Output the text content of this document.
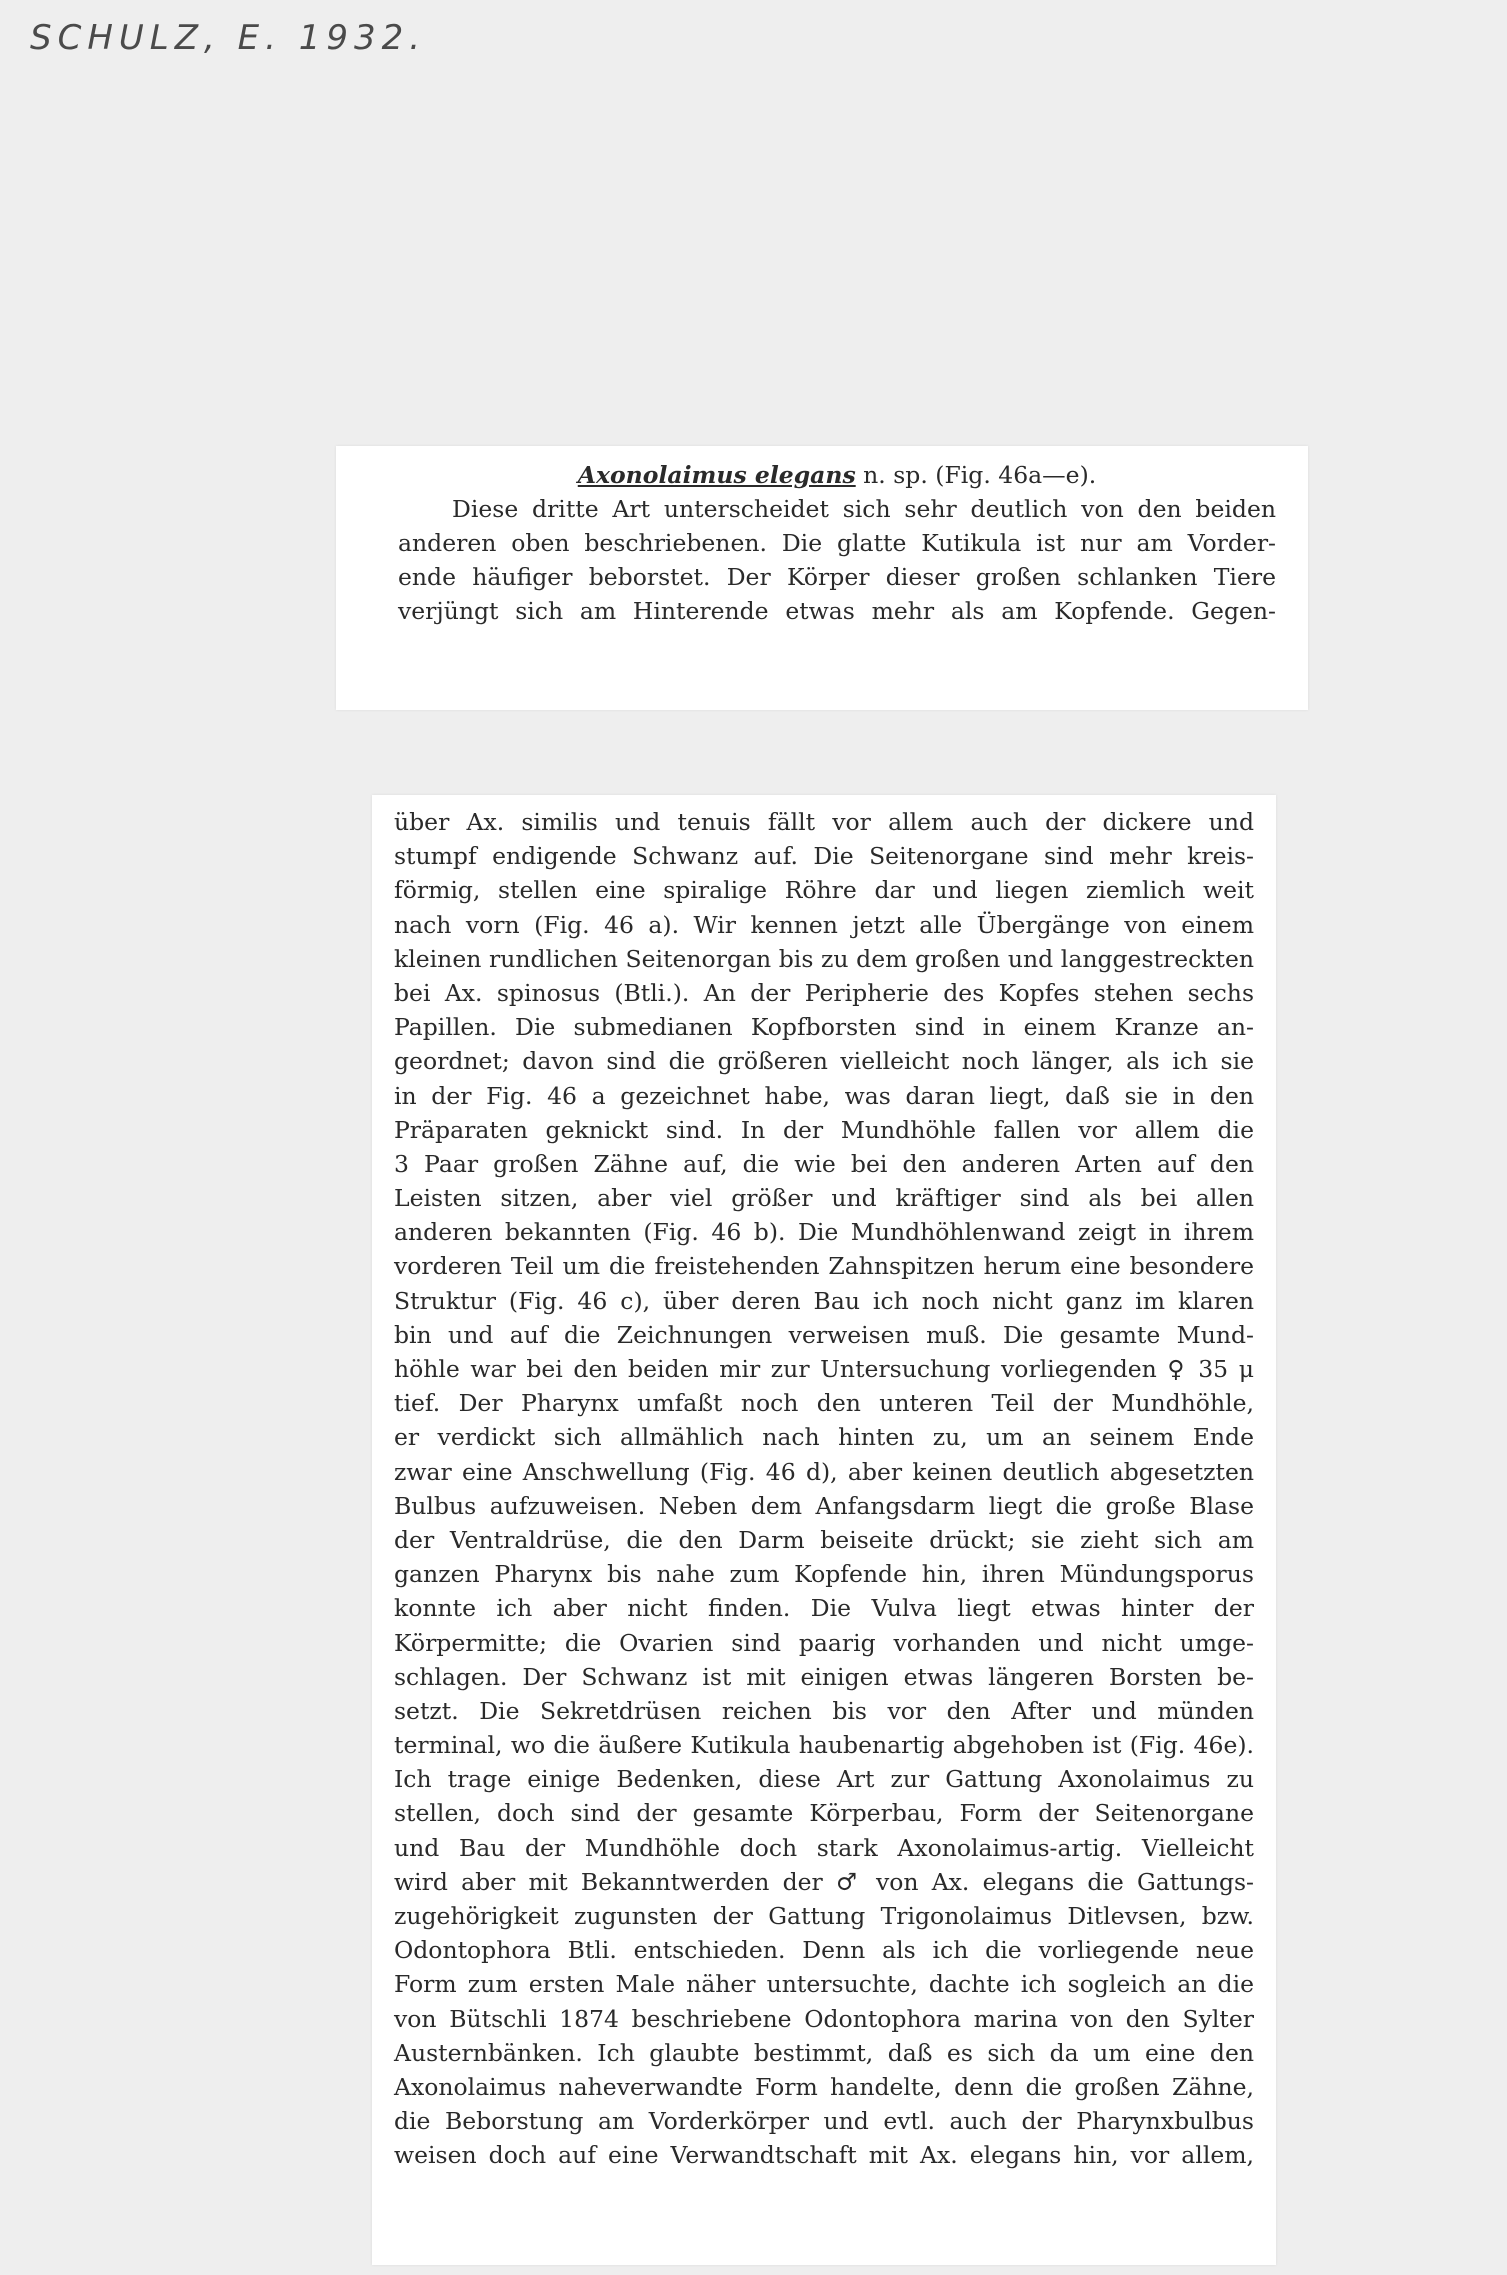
SCHULZ, E. 1932.
Axonolaimus elegans n. sp. (Fig. 46a—e).
Diese dritte Art unterscheidet sich sehr deutlich von den beiden
anderen oben beschriebenen. Die glatte Kutikula ist nur am Vorder-
ende häufiger beborstet. Der Körper dieser großen schlanken Tiere
verjüngt sich am Hinterende etwas mehr als am Kopfende. Gegen-
über Ax. similis und tenuis fällt vor allem auch der dickere und
stumpf endigende Schwanz auf. Die Seitenorgane sind mehr kreis-
förmig, stellen eine spiralige Röhre dar und liegen ziemlich weit
nach vorn (Fig. 46 a). Wir kennen jetzt alle Übergänge von einem
kleinen rundlichen Seitenorgan bis zu dem großen und langgestreckten
bei Ax. spinosus (Btli.). An der Peripherie des Kopfes stehen sechs
Papillen. Die submedianen Kopfborsten sind in einem Kranze an-
geordnet; davon sind die größeren vielleicht noch länger, als ich sie
in der Fig. 46 a gezeichnet habe, was daran liegt, daß sie in den
Präparaten geknickt sind. In der Mundhöhle fallen vor allem die
3 Paar großen Zähne auf, die wie bei den anderen Arten auf den
Leisten sitzen, aber viel größer und kräftiger sind als bei allen
anderen bekannten (Fig. 46 b). Die Mundhöhlenwand zeigt in ihrem
vorderen Teil um die freistehenden Zahnspitzen herum eine besondere
Struktur (Fig. 46 c), über deren Bau ich noch nicht ganz im klaren
bin und auf die Zeichnungen verweisen muß. Die gesamte Mund-
höhle war bei den beiden mir zur Untersuchung vorliegenden ♀ 35 μ
tief. Der Pharynx umfaßt noch den unteren Teil der Mundhöhle,
er verdickt sich allmählich nach hinten zu, um an seinem Ende
zwar eine Anschwellung (Fig. 46 d), aber keinen deutlich abgesetzten
Bulbus aufzuweisen. Neben dem Anfangsdarm liegt die große Blase
der Ventraldrüse, die den Darm beiseite drückt; sie zieht sich am
ganzen Pharynx bis nahe zum Kopfende hin, ihren Mündungsporus
konnte ich aber nicht finden. Die Vulva liegt etwas hinter der
Körpermitte; die Ovarien sind paarig vorhanden und nicht umge-
schlagen. Der Schwanz ist mit einigen etwas längeren Borsten be-
setzt. Die Sekretdrüsen reichen bis vor den After und münden
terminal, wo die äußere Kutikula haubenartig abgehoben ist (Fig. 46e).
Ich trage einige Bedenken, diese Art zur Gattung Axonolaimus zu
stellen, doch sind der gesamte Körperbau, Form der Seitenorgane
und Bau der Mundhöhle doch stark Axonolaimus-artig. Vielleicht
wird aber mit Bekanntwerden der ♂ von Ax. elegans die Gattungs-
zugehörigkeit zugunsten der Gattung Trigonolaimus Ditlevsen, bzw.
Odontophora Btli. entschieden. Denn als ich die vorliegende neue
Form zum ersten Male näher untersuchte, dachte ich sogleich an die
von Bütschli 1874 beschriebene Odontophora marina von den Sylter
Austernbänken. Ich glaubte bestimmt, daß es sich da um eine den
Axonolaimus naheverwandte Form handelte, denn die großen Zähne,
die Beborstung am Vorderkörper und evtl. auch der Pharynxbulbus
weisen doch auf eine Verwandtschaft mit Ax. elegans hin, vor allem,
